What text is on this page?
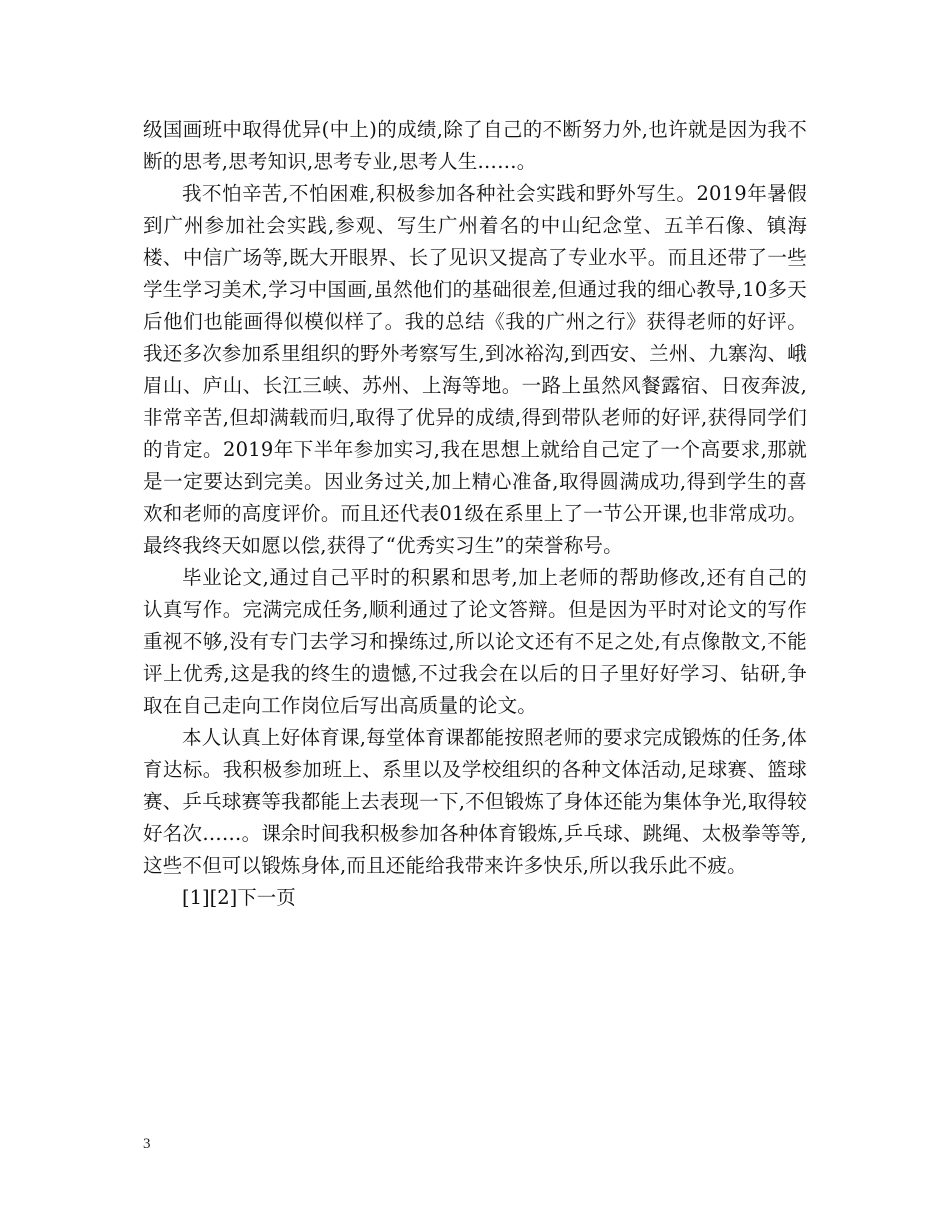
级国画班中取得优异(中上)的成绩,除了自己的不断努力外,也许就是因为我不断的思考,思考知识,思考专业,思考人生……。

我不怕辛苦,不怕困难,积极参加各种社会实践和野外写生。2019年暑假到广州参加社会实践,参观、写生广州着名的中山纪念堂、五羊石像、镇海楼、中信广场等,既大开眼界、长了见识又提高了专业水平。而且还带了一些学生学习美术,学习中国画,虽然他们的基础很差,但通过我的细心教导,10多天后他们也能画得似模似样了。我的总结《我的广州之行》获得老师的好评。我还多次参加系里组织的野外考察写生,到冰裕沟,到西安、兰州、九寨沟、峨眉山、庐山、长江三峡、苏州、上海等地。一路上虽然风餐露宿、日夜奔波,非常辛苦,但却满载而归,取得了优异的成绩,得到带队老师的好评,获得同学们的肯定。2019年下半年参加实习,我在思想上就给自己定了一个高要求,那就是一定要达到完美。因业务过关,加上精心准备,取得圆满成功,得到学生的喜欢和老师的高度评价。而且还代表01级在系里上了一节公开课,也非常成功。最终我终天如愿以偿,获得了“优秀实习生”的荣誉称号。

毕业论文,通过自己平时的积累和思考,加上老师的帮助修改,还有自己的认真写作。完满完成任务,顺利通过了论文答辩。但是因为平时对论文的写作重视不够,没有专门去学习和操练过,所以论文还有不足之处,有点像散文,不能评上优秀,这是我的终生的遗憾,不过我会在以后的日子里好好学习、钻研,争取在自己走向工作岗位后写出高质量的论文。

本人认真上好体育课,每堂体育课都能按照老师的要求完成锻炼的任务,体育达标。我积极参加班上、系里以及学校组织的各种文体活动,足球赛、篮球赛、乒乓球赛等我都能上去表现一下,不但锻炼了身体还能为集体争光,取得较好名次……。课余时间我积极参加各种体育锻炼,乒乓球、跳绳、太极拳等等,这些不但可以锻炼身体,而且还能给我带来许多快乐,所以我乐此不疲。

[1][2]下一页

3
